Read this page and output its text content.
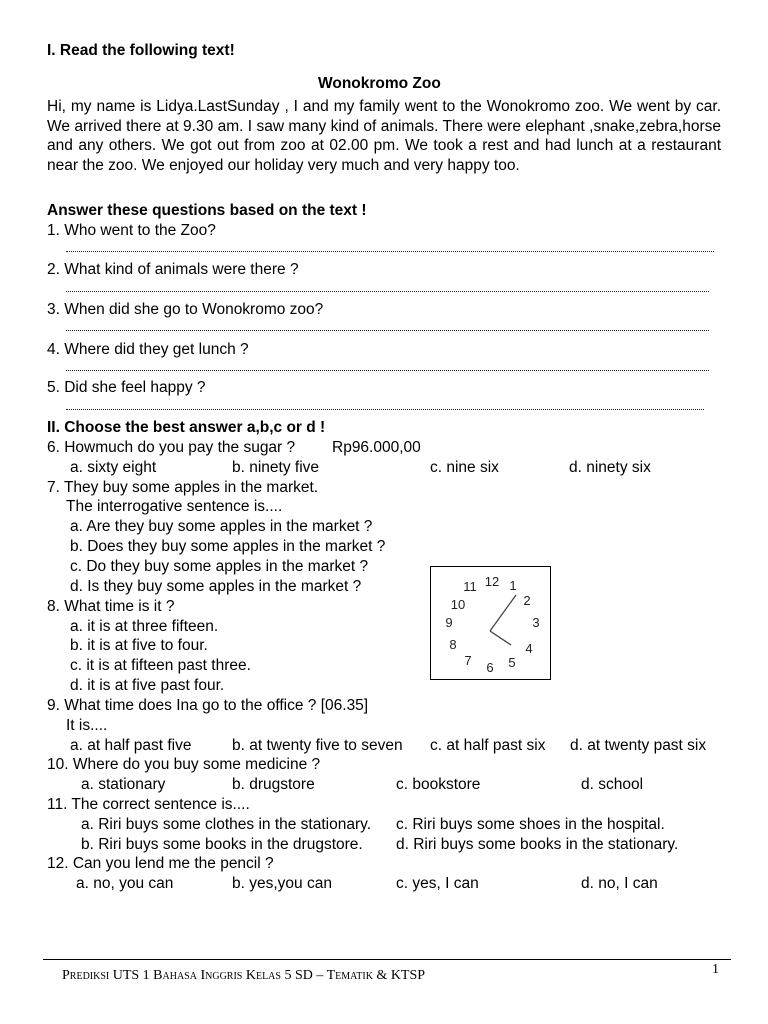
I. Read the following text!
Wonokromo Zoo
Hi, my name is Lidya.LastSunday , I and my family went to the Wonokromo zoo. We went by car. We arrived there at 9.30 am. I saw many kind of animals. There were elephant ,snake,zebra,horse and any others. We got out from zoo at 02.00 pm. We took a rest and had lunch at a restaurant near the zoo. We enjoyed our holiday very much and very happy too.
Answer these questions based on the text !
1. Who went to the Zoo?
2. What kind of animals were there ?
3. When did she go to Wonokromo zoo?
4. Where did they get lunch ?
5. Did she feel happy ?
II. Choose the best answer a,b,c or d !
6. Howmuch do you pay the sugar ? Rp96.000,00
a. sixty eight	b. ninety five	c. nine six	d. ninety six
7. They buy some apples in the market.
The interrogative sentence is....
a. Are they buy some apples in the market ?
b. Does they buy some apples in the market ?
c. Do they buy some apples in the market ?
d. Is they buy some apples in the market ?
8. What time is it ?
a. it is at three fifteen.
b. it is at five to four.
c. it is at fifteen past three.
d. it is at five past four.
12 1
2
3
4
5
6
7
8
9
10
11
9. What time does Ina go to the office ? [06.35]
It is....
a. at half past five	b. at twenty five to seven c. at half past six d. at twenty past six
10. Where do you buy some medicine ?
a. stationary	b. drugstore	c. bookstore	d. school
11. The correct sentence is....
a. Riri buys some clothes in the stationary. c. Riri buys some shoes in the hospital.
b. Riri buys some books in the drugstore. d. Riri buys some books in the stationary.
12. Can you lend me the pencil ?
a. no, you can	b. yes,you can	c. yes, I can	d. no, I can
Prediksi UTS 1 Bahasa Inggris Kelas 5 SD – Tematik & KTSP	1
